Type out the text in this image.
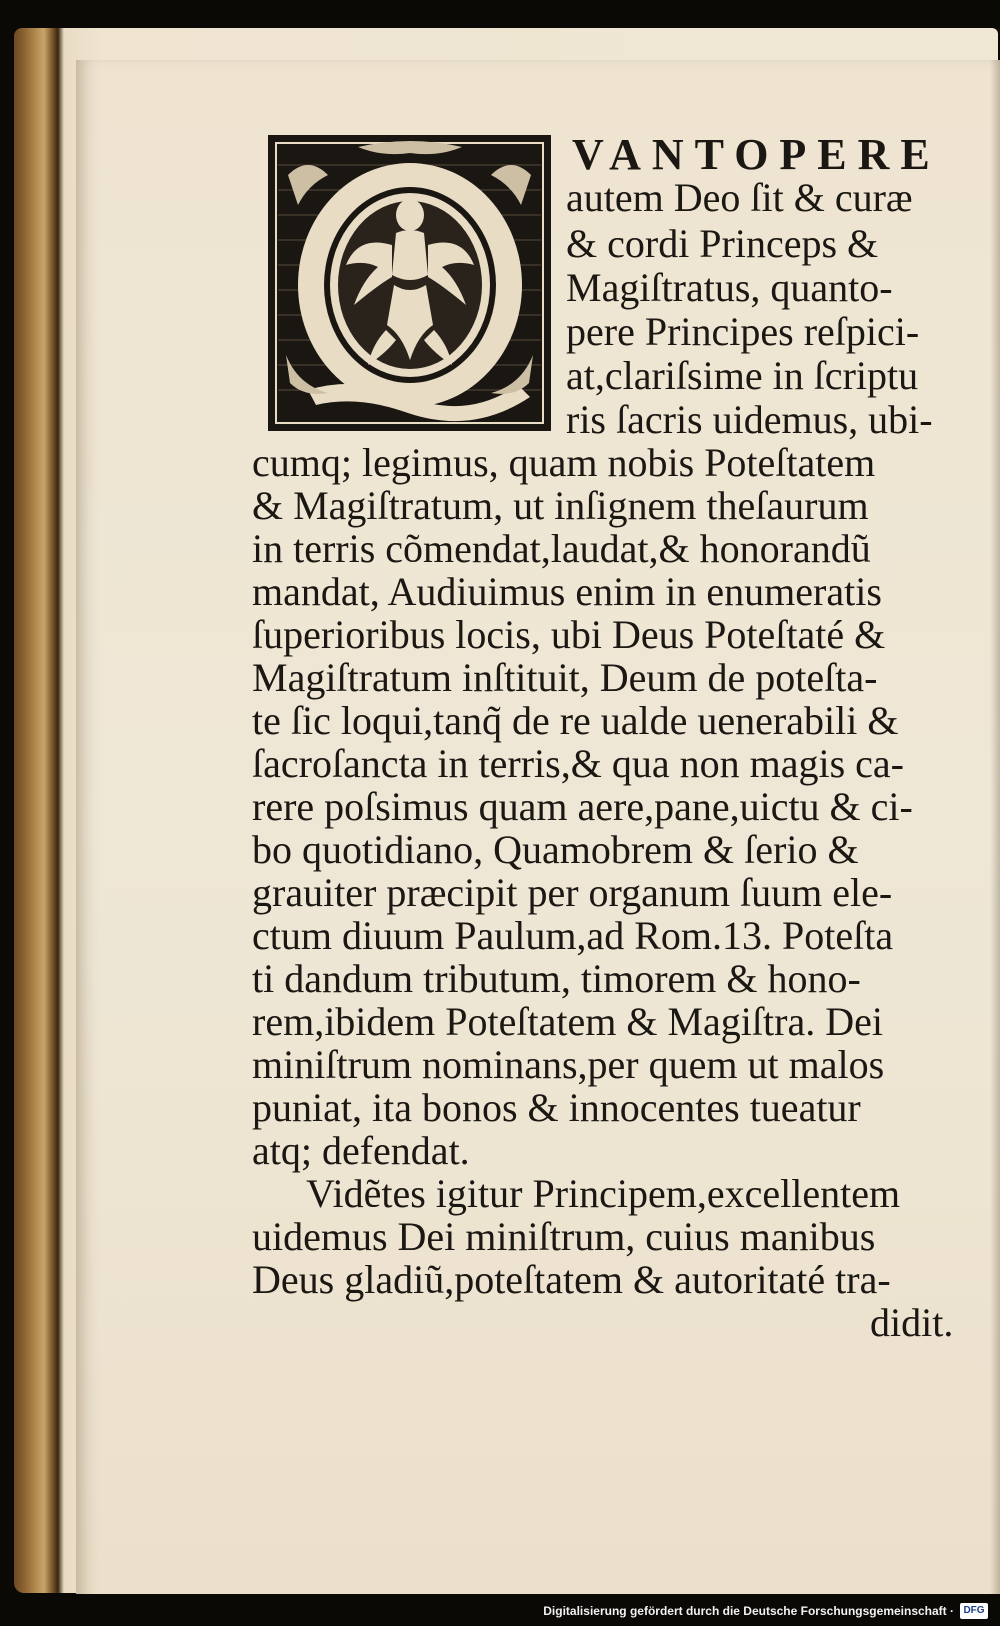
VANTOPERE
autem Deo ſit & curæ
& cordi Princeps &
Magiſtratus, quanto-
pere Principes reſpici-
at,clariſsime in ſcriptu
ris ſacris uidemus, ubi-
cumq; legimus, quam nobis Poteſtatem
& Magiſtratum, ut inſignem theſaurum
in terris cõmendat,laudat,& honorandũ
mandat, Audiuimus enim in enumeratis
ſuperioribus locis, ubi Deus Poteſtaté &
Magiſtratum inſtituit, Deum de poteſta-
te ſic loqui,tanq̃ de re ualde uenerabili &
ſacroſancta in terris,& qua non magis ca-
rere poſsimus quam aere,pane,uictu & ci-
bo quotidiano, Quamobrem & ſerio &
grauiter præcipit per organum ſuum ele-
ctum diuum Paulum,ad Rom.13. Poteſta
ti dandum tributum, timorem & hono-
rem,ibidem Poteſtatem & Magiſtra. Dei
miniſtrum nominans,per quem ut malos
puniat, ita bonos & innocentes tueatur
atq; defendat.
Vidẽtes igitur Principem,excellentem
uidemus Dei miniſtrum, cuius manibus
Deus gladiũ,poteſtatem & autoritaté tra-
didit.
Digitalisierung gefördert durch die Deutsche Forschungsgemeinschaft · DFG
